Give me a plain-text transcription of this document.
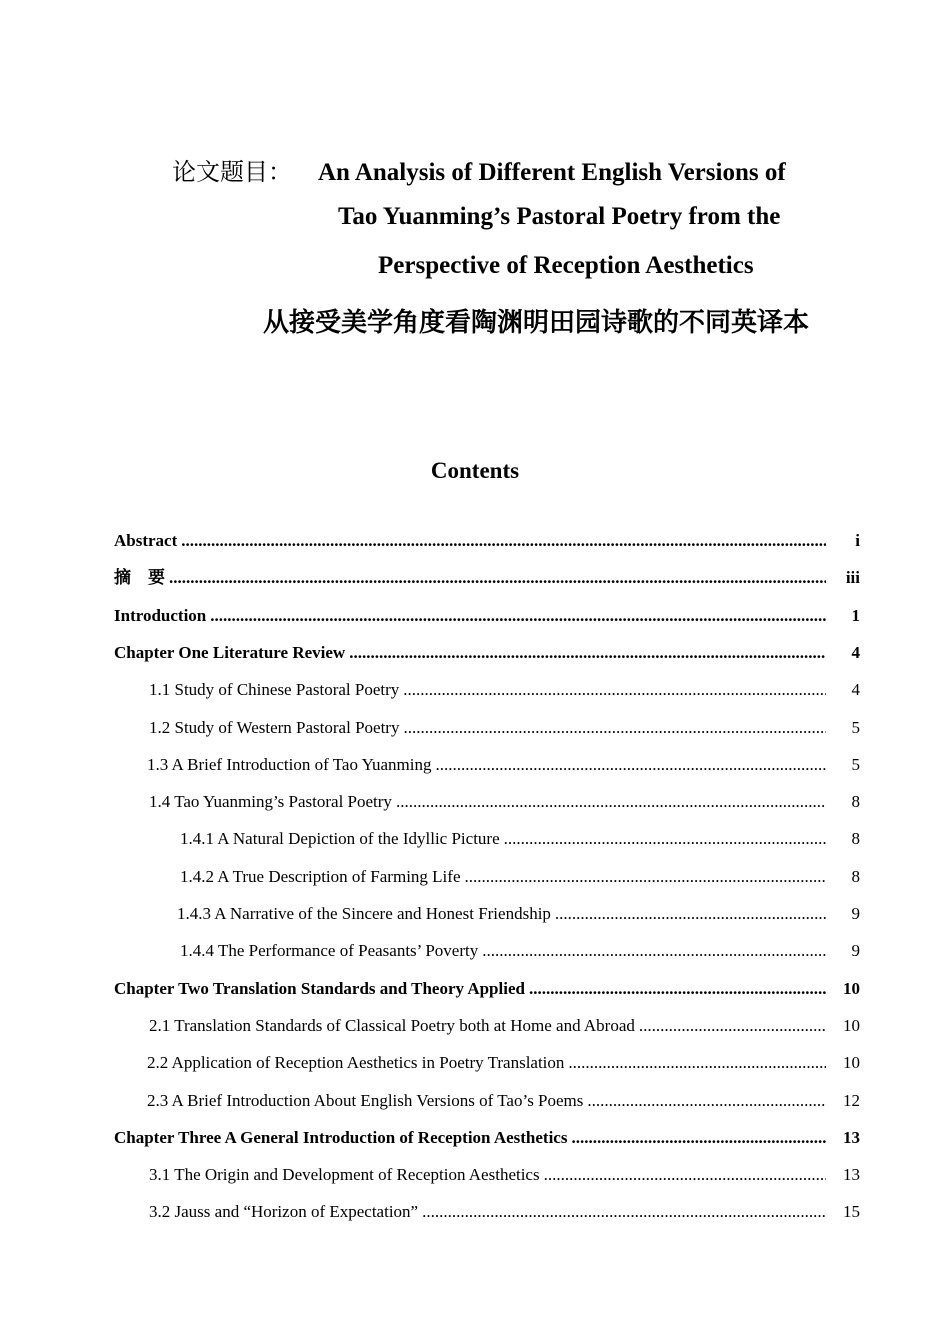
论文题目： An Analysis of Different English Versions of
Tao Yuanming’s Pastoral Poetry from the
Perspective of Reception Aesthetics
从接受美学角度看陶渊明田园诗歌的不同英译本
Contents
Abstract .....	i
摘　要 .....	iii
Introduction .....	1
Chapter One Literature Review .....	4
1.1 Study of Chinese Pastoral Poetry .....	4
1.2 Study of Western Pastoral Poetry .....	5
1.3 A Brief Introduction of Tao Yuanming .....	5
1.4 Tao Yuanming’s Pastoral Poetry .....	8
1.4.1 A Natural Depiction of the Idyllic Picture .....	8
1.4.2 A True Description of Farming Life .....	8
1.4.3 A Narrative of the Sincere and Honest Friendship .....	9
1.4.4 The Performance of Peasants’ Poverty .....	9
Chapter Two Translation Standards and Theory Applied .....	10
2.1 Translation Standards of Classical Poetry both at Home and Abroad .....	10
2.2 Application of Reception Aesthetics in Poetry Translation .....	10
2.3 A Brief Introduction About English Versions of Tao’s Poems .....	12
Chapter Three A General Introduction of Reception Aesthetics .....	13
3.1 The Origin and Development of Reception Aesthetics .....	13
3.2 Jauss and “Horizon of Expectation” .....	15
